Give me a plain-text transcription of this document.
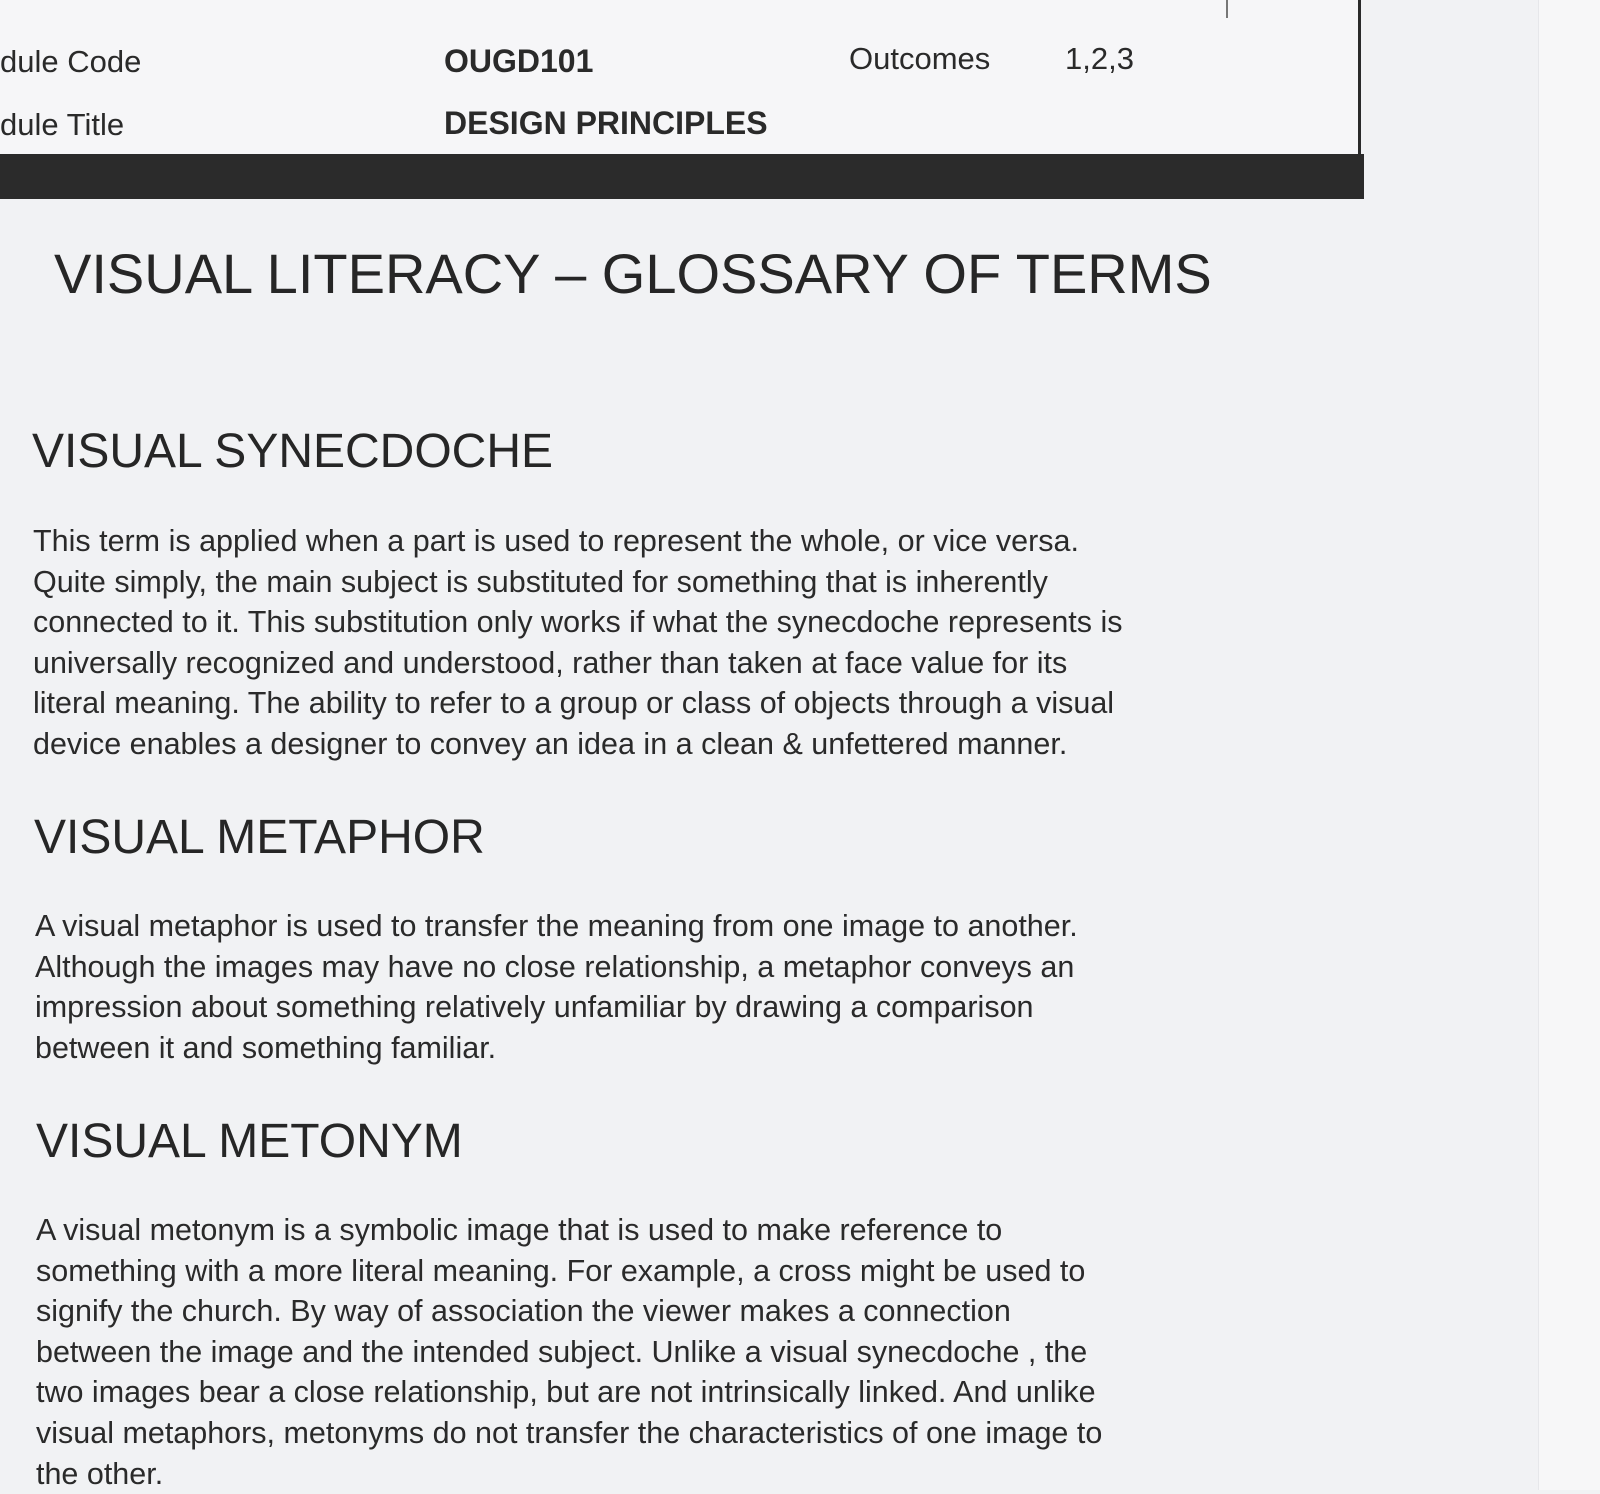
dule Code	OUGD101	Outcomes 1,2,3
dule Title	DESIGN PRINCIPLES
VISUAL LITERACY – GLOSSARY OF TERMS
VISUAL SYNECDOCHE

This term is applied when a part is used to represent the whole, or vice versa.
Quite simply, the main subject is substituted for something that is inherently
connected to it. This substitution only works if what the synecdoche represents is
universally recognized and understood, rather than taken at face value for its
literal meaning. The ability to refer to a group or class of objects through a visual
device enables a designer to convey an idea in a clean & unfettered manner.

VISUAL METAPHOR

A visual metaphor is used to transfer the meaning from one image to another.
Although the images may have no close relationship, a metaphor conveys an
impression about something relatively unfamiliar by drawing a comparison
between it and something familiar.

VISUAL METONYM

A visual metonym is a symbolic image that is used to make reference to
something with a more literal meaning. For example, a cross might be used to
signify the church. By way of association the viewer makes a connection
between the image and the intended subject. Unlike a visual synecdoche , the
two images bear a close relationship, but are not intrinsically linked. And unlike
visual metaphors, metonyms do not transfer the characteristics of one image to
the other.
